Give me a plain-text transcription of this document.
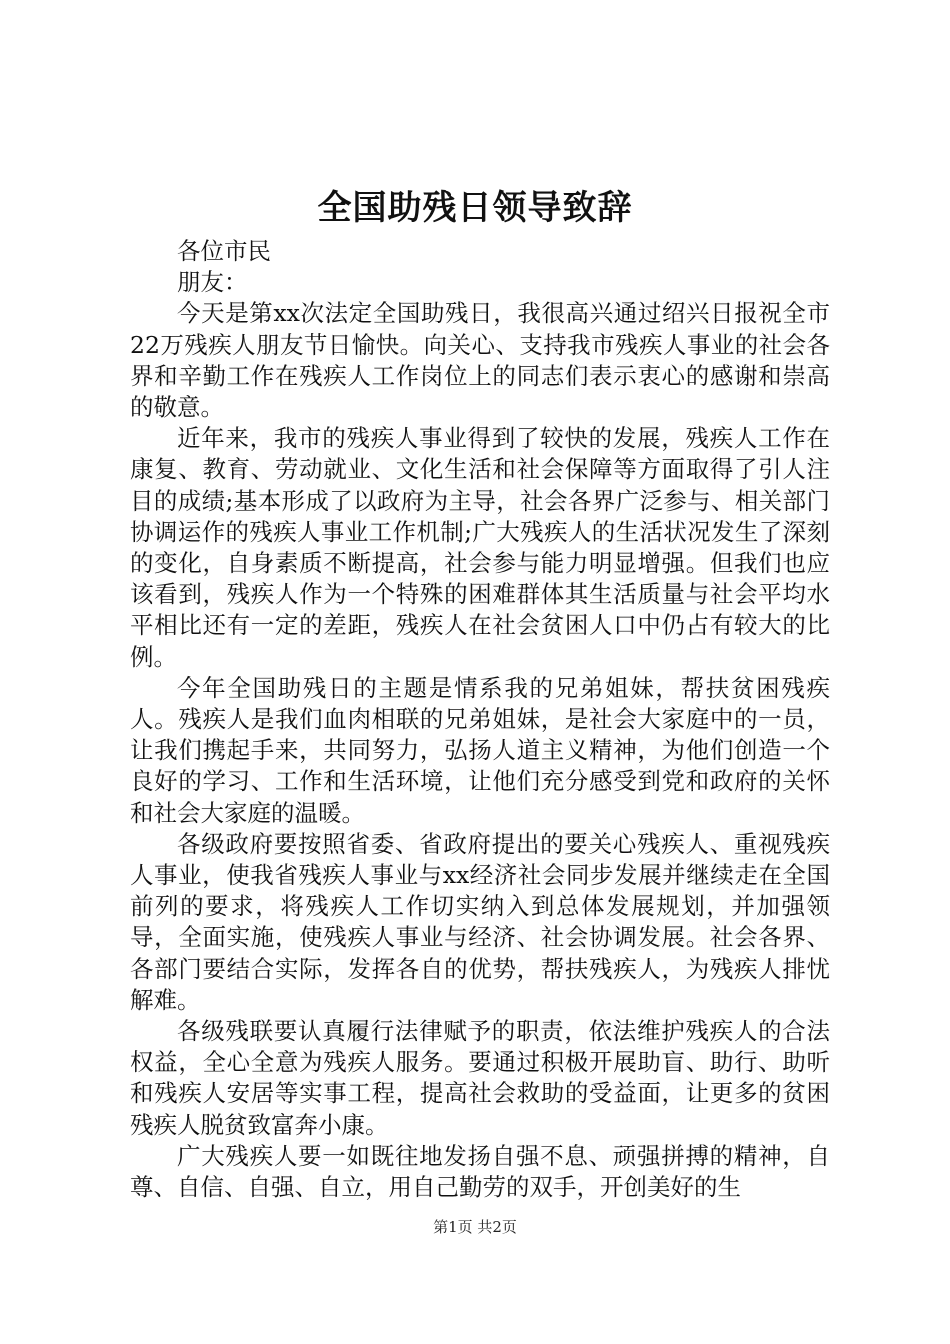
全国助残日领导致辞

各位市民

朋友：

今天是第xx次法定全国助残日，我很高兴通过绍兴日报祝全市22万残疾人朋友节日愉快。向关心、支持我市残疾人事业的社会各界和辛勤工作在残疾人工作岗位上的同志们表示衷心的感谢和崇高的敬意。

近年来，我市的残疾人事业得到了较快的发展，残疾人工作在康复、教育、劳动就业、文化生活和社会保障等方面取得了引人注目的成绩;基本形成了以政府为主导，社会各界广泛参与、相关部门协调运作的残疾人事业工作机制;广大残疾人的生活状况发生了深刻的变化，自身素质不断提高，社会参与能力明显增强。但我们也应该看到，残疾人作为一个特殊的困难群体其生活质量与社会平均水平相比还有一定的差距，残疾人在社会贫困人口中仍占有较大的比例。

今年全国助残日的主题是情系我的兄弟姐妹，帮扶贫困残疾人。残疾人是我们血肉相联的兄弟姐妹，是社会大家庭中的一员，让我们携起手来，共同努力，弘扬人道主义精神，为他们创造一个良好的学习、工作和生活环境，让他们充分感受到党和政府的关怀和社会大家庭的温暖。

各级政府要按照省委、省政府提出的要关心残疾人、重视残疾人事业，使我省残疾人事业与xx经济社会同步发展并继续走在全国前列的要求，将残疾人工作切实纳入到总体发展规划，并加强领导，全面实施，使残疾人事业与经济、社会协调发展。社会各界、各部门要结合实际，发挥各自的优势，帮扶残疾人，为残疾人排忧解难。

各级残联要认真履行法律赋予的职责，依法维护残疾人的合法权益，全心全意为残疾人服务。要通过积极开展助盲、助行、助听和残疾人安居等实事工程，提高社会救助的受益面，让更多的贫困残疾人脱贫致富奔小康。

广大残疾人要一如既往地发扬自强不息、顽强拼搏的精神，自尊、自信、自强、自立，用自己勤劳的双手，开创美好的生

第1页 共2页
